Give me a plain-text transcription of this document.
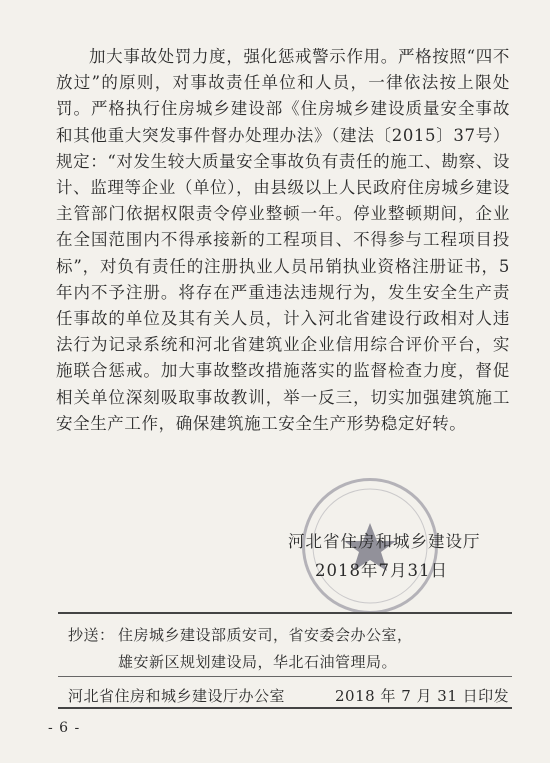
加大事故处罚力度，强化惩戒警示作用。严格按照“四不放过”的原则，对事故责任单位和人员，一律依法按上限处罚。严格执行住房城乡建设部《住房城乡建设质量安全事故和其他重大突发事件督办处理办法》（建法〔2015〕37号）规定：“对发生较大质量安全事故负有责任的施工、勘察、设计、监理等企业（单位），由县级以上人民政府住房城乡建设主管部门依据权限责令停业整顿一年。停业整顿期间，企业在全国范围内不得承接新的工程项目、不得参与工程项目投标”，对负有责任的注册执业人员吊销执业资格注册证书，5年内不予注册。将存在严重违法违规行为，发生安全生产责任事故的单位及其有关人员，计入河北省建设行政相对人违法行为记录系统和河北省建筑业企业信用综合评价平台，实施联合惩戒。加大事故整改措施落实的监督检查力度，督促相关单位深刻吸取事故教训，举一反三，切实加强建筑施工安全生产工作，确保建筑施工安全生产形势稳定好转。

河北省住房和城乡建设厅
2018年7月31日
抄送： 住房城乡建设部质安司，省安委会办公室，
雄安新区规划建设局，华北石油管理局。
河北省住房和城乡建设厅办公室	2018 年 7 月 31 日印发
- 6 -
